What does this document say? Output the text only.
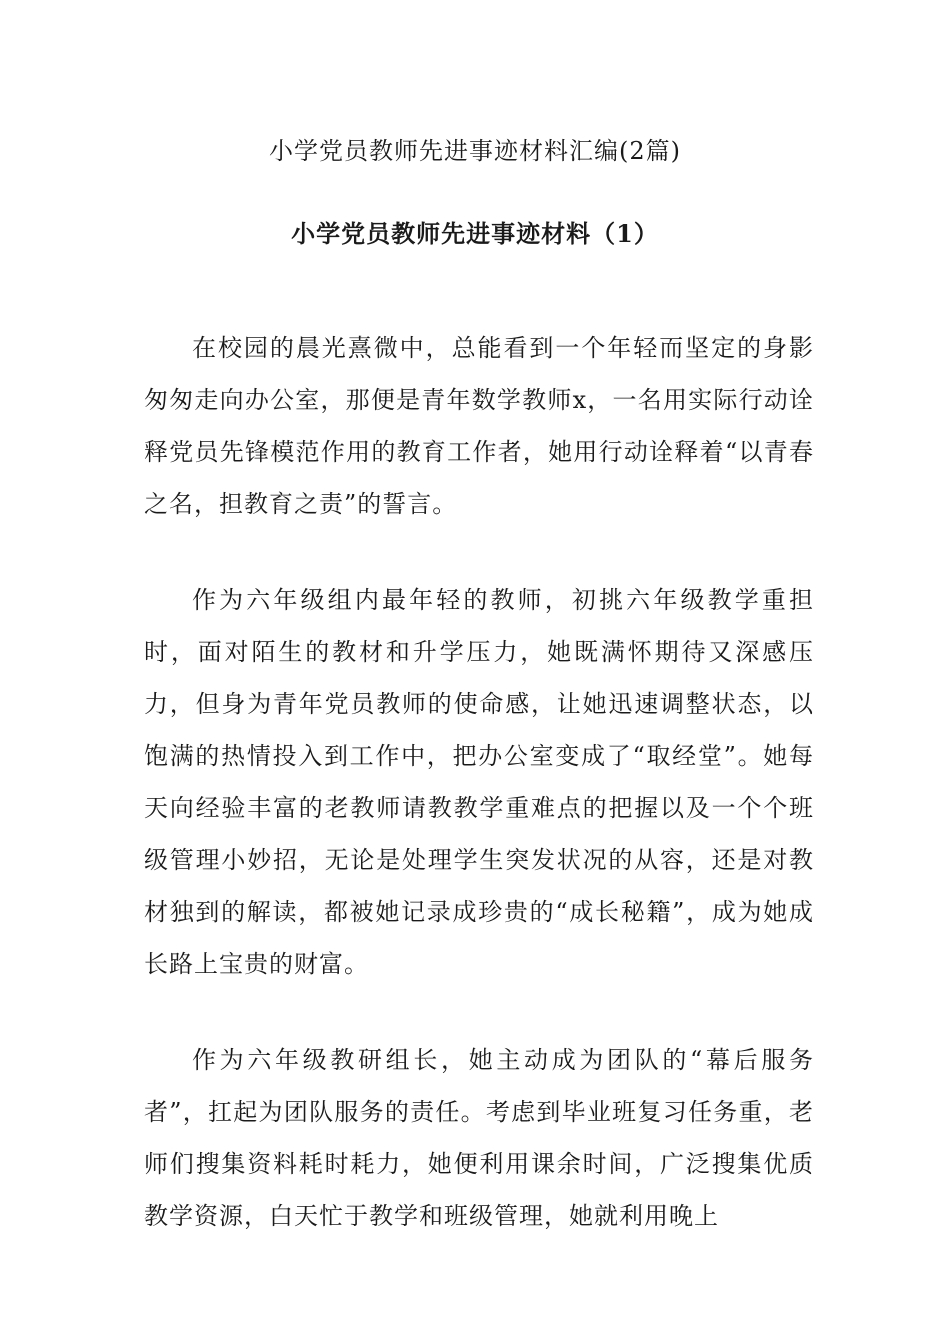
小学党员教师先进事迹材料汇编(2篇)
小学党员教师先进事迹材料（1）

在校园的晨光熹微中，总能看到一个年轻而坚定的身影匆匆走向办公室，那便是青年数学教师x，一名用实际行动诠释党员先锋模范作用的教育工作者，她用行动诠释着“以青春之名，担教育之责”的誓言。

作为六年级组内最年轻的教师，初挑六年级教学重担时，面对陌生的教材和升学压力，她既满怀期待又深感压力，但身为青年党员教师的使命感，让她迅速调整状态，以饱满的热情投入到工作中，把办公室变成了“取经堂”。她每天向经验丰富的老教师请教教学重难点的把握以及一个个班级管理小妙招，无论是处理学生突发状况的从容，还是对教材独到的解读，都被她记录成珍贵的“成长秘籍”，成为她成长路上宝贵的财富。

作为六年级教研组长，她主动成为团队的“幕后服务者”，扛起为团队服务的责任。考虑到毕业班复习任务重，老师们搜集资料耗时耗力，她便利用课余时间，广泛搜集优质教学资源，白天忙于教学和班级管理，她就利用晚上
